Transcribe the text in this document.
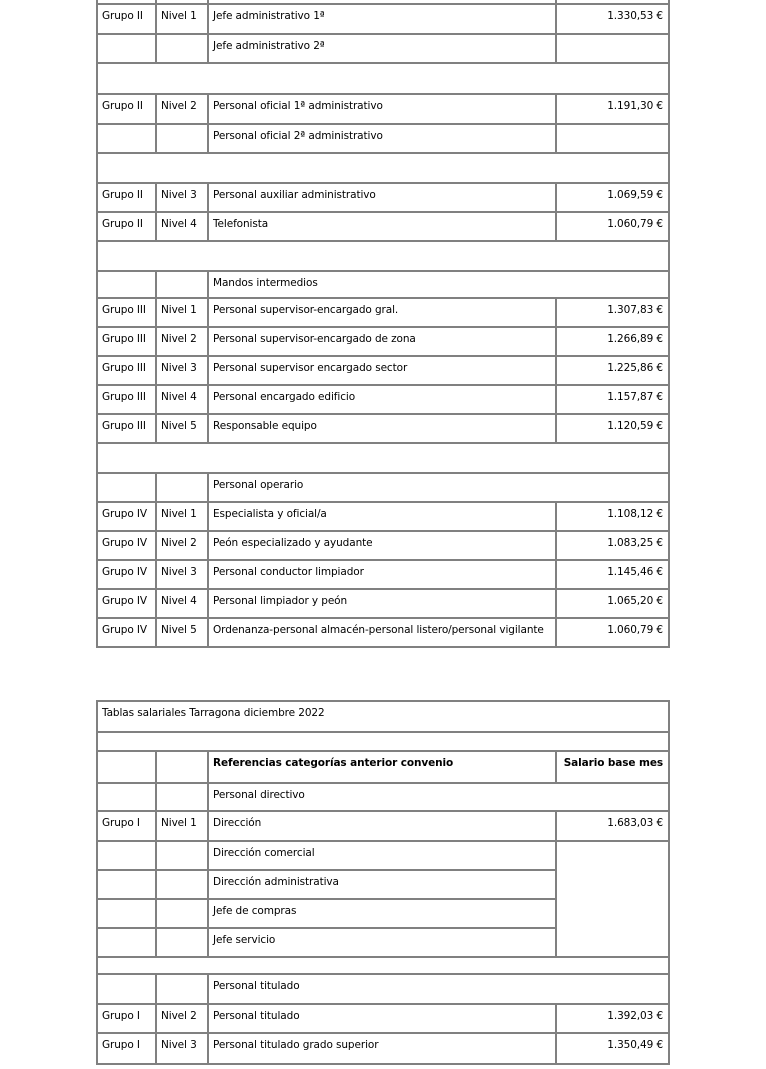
Grupo II	Nivel 1	Jefe administrativo 1ª	1.330,53 €
		Jefe administrativo 2ª	

Grupo II	Nivel 2	Personal oficial 1ª administrativo	1.191,30 €
		Personal oficial 2ª administrativo	

Grupo II	Nivel 3	Personal auxiliar administrativo	1.069,59 €
Grupo II	Nivel 4	Telefonista	1.060,79 €

		Mandos intermedios	
Grupo III	Nivel 1	Personal supervisor-encargado gral.	1.307,83 €
Grupo III	Nivel 2	Personal supervisor-encargado de zona	1.266,89 €
Grupo III	Nivel 3	Personal supervisor encargado sector	1.225,86 €
Grupo III	Nivel 4	Personal encargado edificio	1.157,87 €
Grupo III	Nivel 5	Responsable equipo	1.120,59 €

		Personal operario	
Grupo IV	Nivel 1	Especialista y oficial/a	1.108,12 €
Grupo IV	Nivel 2	Peón especializado y ayudante	1.083,25 €
Grupo IV	Nivel 3	Personal conductor limpiador	1.145,46 €
Grupo IV	Nivel 4	Personal limpiador y peón	1.065,20 €
Grupo IV	Nivel 5	Ordenanza-personal almacén-personal listero/personal vigilante	1.060,79 €
Tablas salariales Tarragona diciembre 2022			

		Referencias categorías anterior convenio	Salario base mes
		Personal directivo	
Grupo I	Nivel 1	Dirección	1.683,03 €
		Dirección comercial	
		Dirección administrativa	
		Jefe de compras	
		Jefe servicio	

		Personal titulado	
Grupo I	Nivel 2	Personal titulado	1.392,03 €
Grupo I	Nivel 3	Personal titulado grado superior	1.350,49 €
